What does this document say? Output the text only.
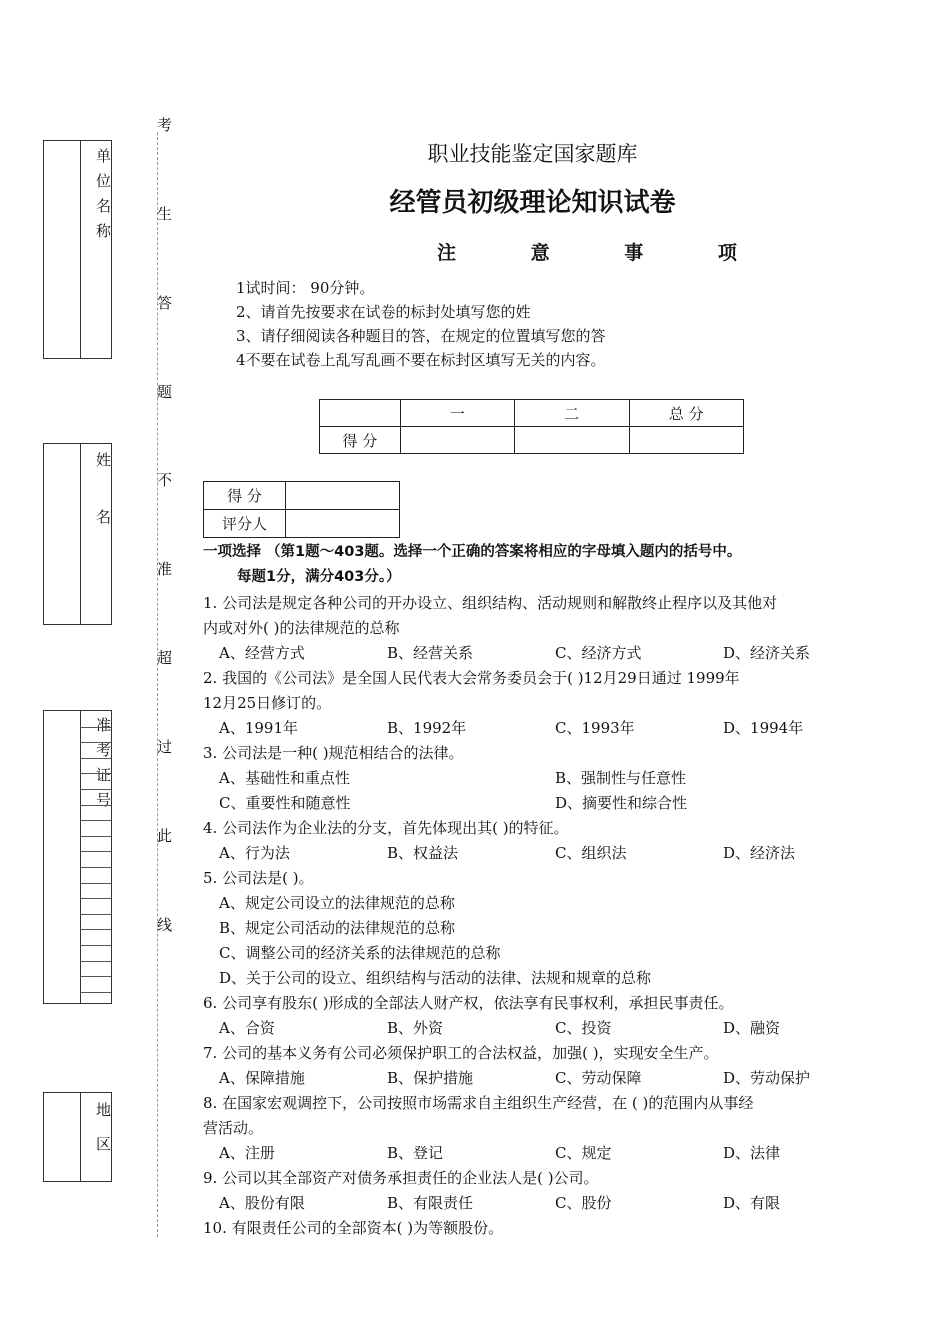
考
生
答
题
不
准
超
过
此
线
单
位
名
称
姓
名
准
考
证
号
地
区
职业技能鉴定国家题库
经管员初级理论知识试卷
注 意 事 项
1试时间： 90分钟。
2、请首先按要求在试卷的标封处填写您的姓
3、请仔细阅读各种题目的答，在规定的位置填写您的答
4不要在试卷上乱写乱画不要在标封区填写无关的内容。
	一	二	总 分
得 分			
得 分	
评分人	
一项选择 （第1题～403题。选择一个正确的答案将相应的字母填入题内的括号中。
每题1分，满分403分。）
1. 公司法是规定各种公司的开办设立、组织结构、活动规则和解散终止程序以及其他对
内或对外( )的法律规范的总称
A、经营方式	B、经营关系	C、经济方式	D、经济关系
2. 我国的《公司法》是全国人民代表大会常务委员会于( )12月29日通过 1999年
12月25日修订的。
A、1991年	B、1992年	C、1993年	D、1994年
3. 公司法是一种( )规范相结合的法律。
A、基础性和重点性	B、强制性与任意性
C、重要性和随意性	D、摘要性和综合性
4. 公司法作为企业法的分支，首先体现出其( )的特征。
A、行为法	B、权益法	C、组织法	D、经济法
5. 公司法是( )。
A、规定公司设立的法律规范的总称
B、规定公司活动的法律规范的总称
C、调整公司的经济关系的法律规范的总称
D、关于公司的设立、组织结构与活动的法律、法规和规章的总称
6. 公司享有股东( )形成的全部法人财产权，依法享有民事权利，承担民事责任。
A、合资	B、外资	C、投资	D、融资
7. 公司的基本义务有公司必须保护职工的合法权益，加强( )，实现安全生产。
A、保障措施	B、保护措施	C、劳动保障	D、劳动保护
8. 在国家宏观调控下，公司按照市场需求自主组织生产经营，在 ( )的范围内从事经
营活动。
A、注册	B、登记	C、规定	D、法律
9. 公司以其全部资产对债务承担责任的企业法人是( )公司。
A、股份有限	B、有限责任	C、股份	D、有限
10. 有限责任公司的全部资本( )为等额股份。
